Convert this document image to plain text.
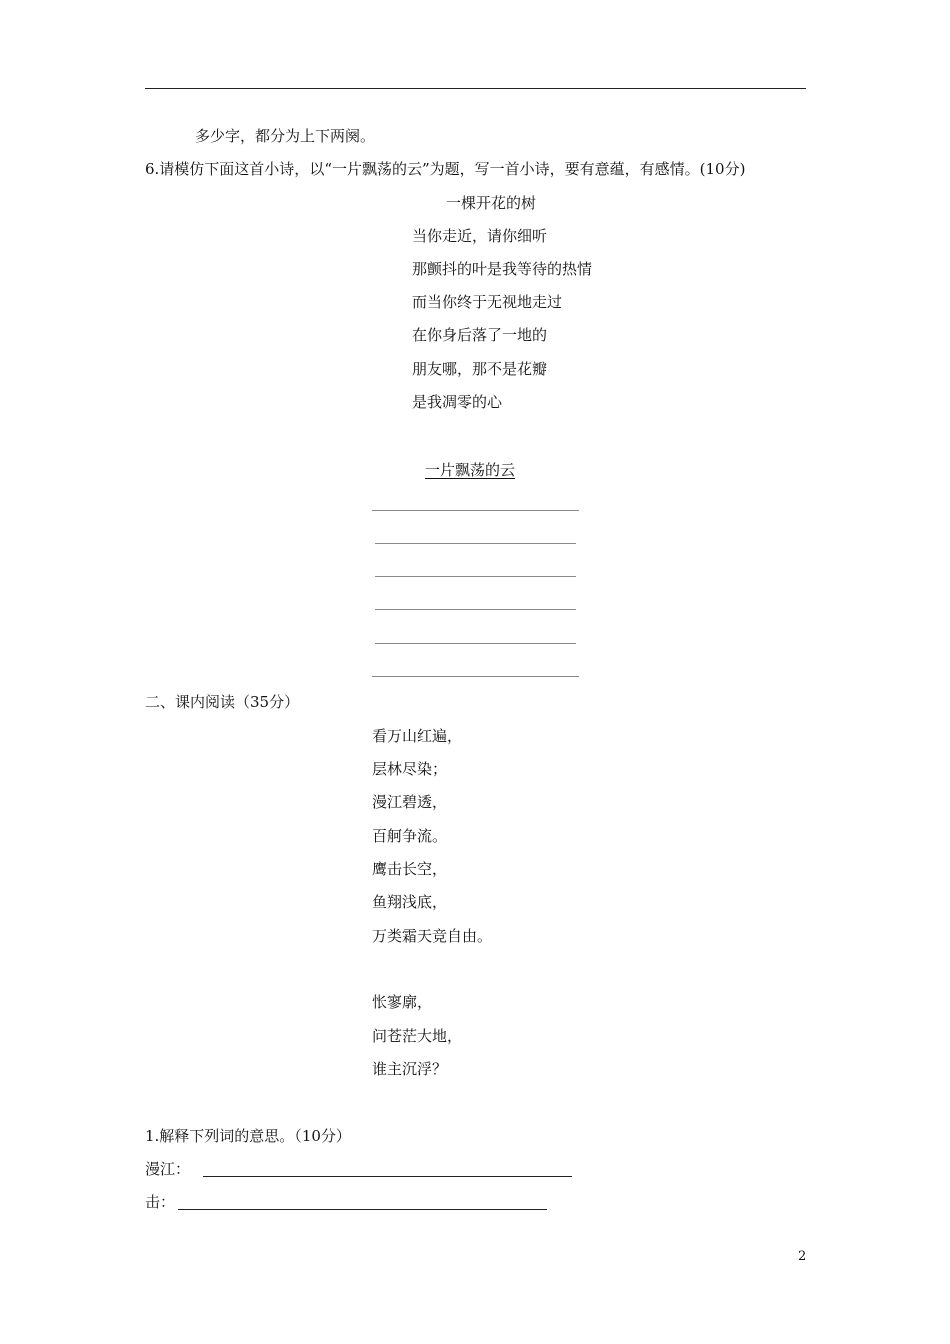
多少字，都分为上下两阕。
6.请模仿下面这首小诗，以“一片飘荡的云”为题，写一首小诗，要有意蕴，有感情。(10分)
一棵开花的树
当你走近，请你细听
那颤抖的叶是我等待的热情
而当你终于无视地走过
在你身后落了一地的
朋友哪，那不是花瓣
是我凋零的心
一片飘荡的云
二、课内阅读（35分）
看万山红遍，
层林尽染；
漫江碧透，
百舸争流。
鹰击长空，
鱼翔浅底，
万类霜天竞自由。
怅寥廓，
问苍茫大地，
谁主沉浮？
1.解释下列词的意思。（10分）
漫江：
击：
2
